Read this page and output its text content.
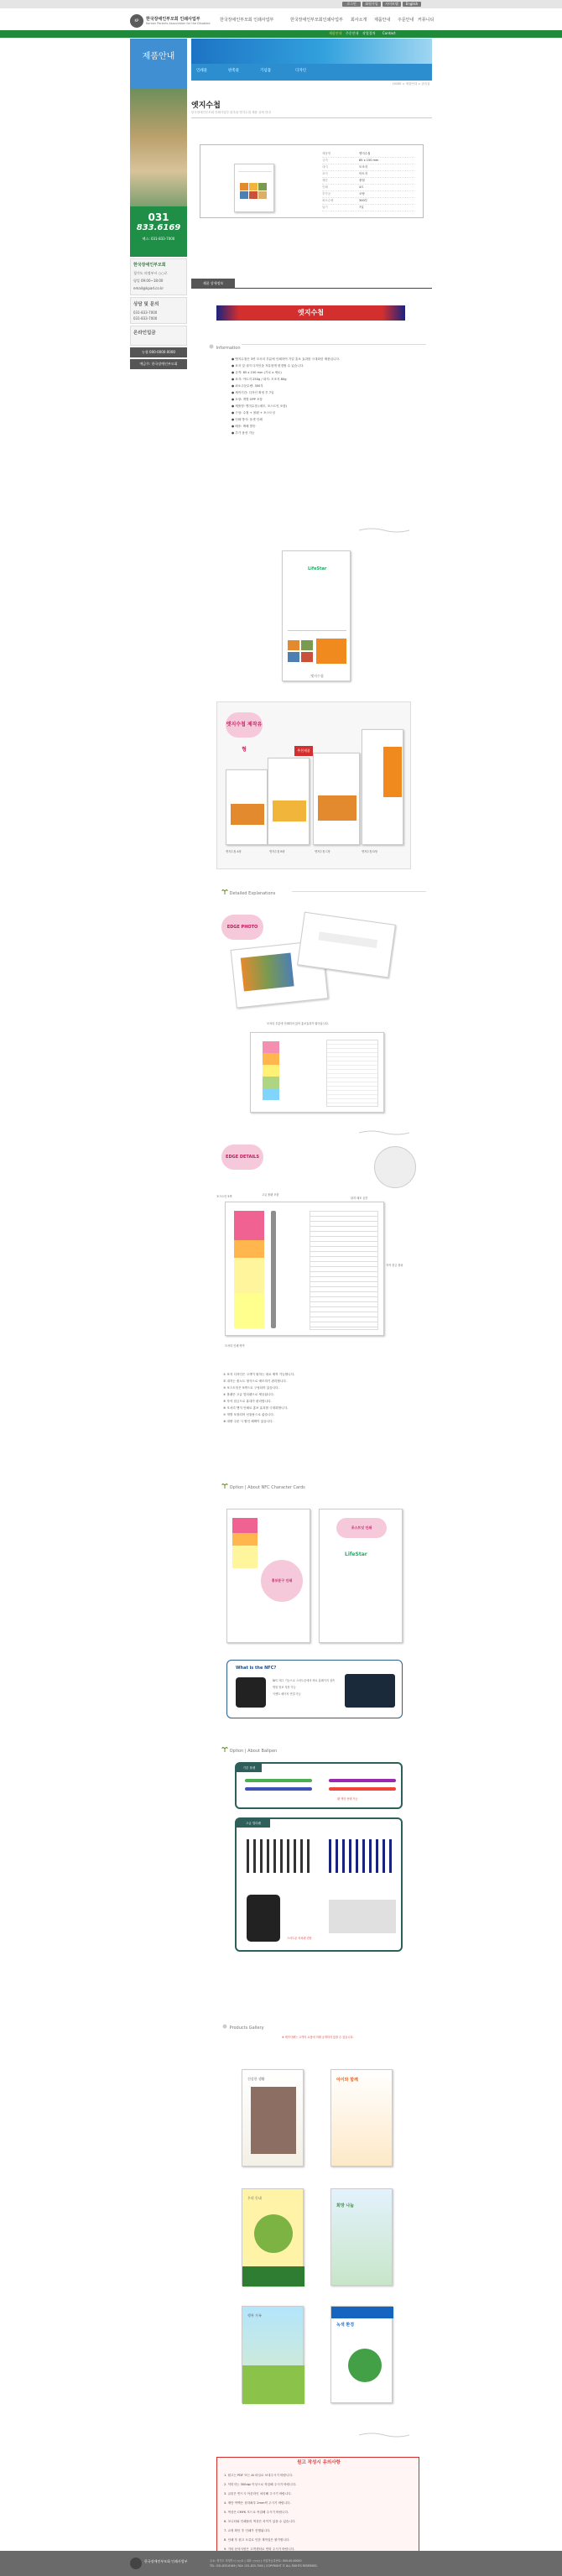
로그인	회원가입	사이트맵	English
KP	한국장애인부모회 인쇄사업부
Korean Parents Association for the Disabled
한국장애인부모회 인쇄사업부	한국장애인부모회인쇄사업부 회사소개 제품안내 주문안내 커뮤니티
제품안내 주문안내 작업절차 Contact
제품안내
031
833.6169
팩스: 031-833-7000
한국장애인부모회
경기도 의정부시 ○○로
평일 09:00~18:00
email@kpad.co.kr
상담 및 문의
031-833-7000
031-833-7000
온라인입금
농협 000-0000-0000
예금주: 한국장애인부모회
인쇄물	판촉물	기념품	디자인
HOME > 제품안내 > 판촉물
엣지수첩
한국장애인부모회 인쇄사업부 판촉물 엣지수첩 제품 상세 안내
제품명	엣지수첩
규격	85 x 150 mm
내지	모조지
표지	아트지
제본	중철
인쇄	4도
후가공	코팅
최소수량	300부
납기	7일
제품 상세정보
엣지수첩
Information
● 엣지수첩은 3면 모서리 부분에 인쇄하여 기업 홍보 효과를 극대화한 제품입니다.
● 표지 및 내지 디자인을 자유롭게 변경할 수 있습니다.
● 규격: 85 x 150 mm (가로 x 세로)
● 표지: 아트지 250g / 내지: 모조지 80g
● 최소주문수량: 300부
● 제작기간: 디자인 확정 후 7일
● 포장: 개별 OPP 포장
● 제품명: 엣지수첩 (메모, 포스트잇 포함)
● 구성: 수첩 + 볼펜 + 포스트잇
● 인쇄 방식: 옵셋 인쇄
● 배송: 택배 발송
● 추가 옵션 가능
LifeStar
엣지수첩
엣지수첩 제작유형	추천제품
엣지수첩 A형	엣지수첩 B형	엣지수첩 C형	엣지수첩 D형
Detailed Explanations
EDGE PHOTO
모서리 부분에 인쇄되어 있어 홍보효과가 뛰어납니다.
EDGE DETAILS
포스트잇 5색	고급 볼펜 포함
내지 메모 공간
자석 잠금 장치
모서리 인쇄 영역
① 표지 디자인은 고객이 원하는 대로 제작 가능합니다.
② 내지는 줄노트 형식으로 메모하기 편리합니다.
③ 포스트잇은 5색으로 구성되어 있습니다.
④ 볼펜은 고급 멀티펜으로 제공됩니다.
⑤ 자석 잠금으로 휴대가 편리합니다.
⑥ 모서리 엣지 인쇄로 홍보 효과를 극대화합니다.
⑦ 개별 포장되어 선물용으로 좋습니다.
⑧ 대량 주문 시 할인 혜택이 있습니다.
Option | About NFC Character Cards
홍보문구 인쇄
포스트잇 인쇄
LifeStar
What is the NFC?
NFC 태그 기능으로 스마트폰에서 바로 홈페이지 접속
명함 정보 저장 가능
이벤트 페이지 연결 가능
Option | About Ballpen
기본 볼펜
펜 색상 선택 가능
고급 멀티펜
스마트폰 터치펜 겸용
Products Gallery
※ 제작사례는 고객의 요청에 의해 공개하지 않을 수 있습니다.
건강한 생활	아이와 함께
우리 동네
희망 나눔
행복 가족
녹색 환경
원고 작성시 유의사항
1. 원고는 PDF 또는 AI 파일로 보내주시기 바랍니다.
2. 이미지는 300dpi 이상으로 작업해 주시기 바랍니다.
3. 글꼴은 반드시 아웃라인 처리해 주시기 바랍니다.
4. 재단 여백은 상하좌우 2mm씩 주시기 바랍니다.
5. 색상은 CMYK 모드로 작업해 주시기 바랍니다.
6. 모니터와 인쇄물의 색상은 차이가 있을 수 있습니다.
7. 교정 확인 후 인쇄가 진행됩니다.
8. 인쇄 후 원고 오류로 인한 재작업은 불가합니다.
9. 기타 문의사항은 고객센터로 연락 주시기 바랍니다.
한국장애인부모회 인쇄사업부	주소: 경기도 의정부시 ○○로 | 대표: ○○○ | 사업자등록번호: 000-00-00000
TEL: 031-833-6169 | FAX: 031-833-7000 | COPYRIGHT © ALL RIGHTS RESERVED.
